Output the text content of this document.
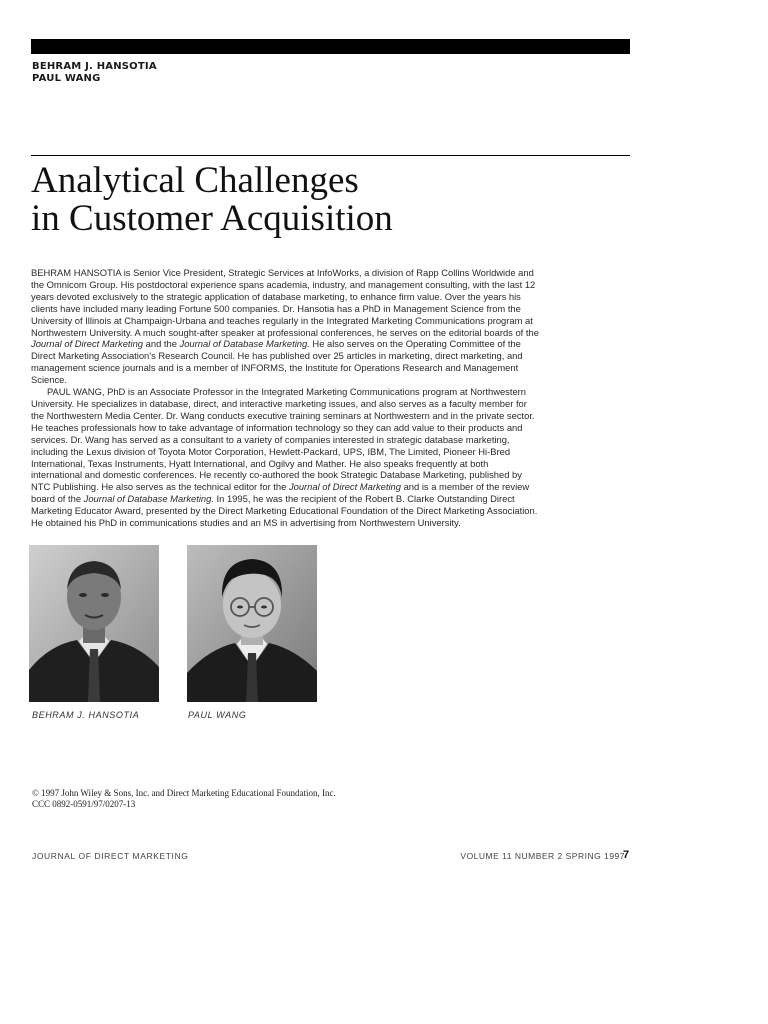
BEHRAM J. HANSOTIA
PAUL WANG
Analytical Challenges
in Customer Acquisition

BEHRAM HANSOTIA is Senior Vice President, Strategic Services at InfoWorks, a division of Rapp Collins Worldwide and the Omnicom Group. His postdoctoral experience spans academia, industry, and management consulting, with the last 12 years devoted exclusively to the strategic application of database marketing, to enhance firm value. Over the years his clients have included many leading Fortune 500 companies. Dr. Hansotia has a PhD in Management Science from the University of Illinois at Champaign-Urbana and teaches regularly in the Integrated Marketing Communications program at Northwestern University. A much sought-after speaker at professional conferences, he serves on the editorial boards of the Journal of Direct Marketing and the Journal of Database Marketing. He also serves on the Operating Committee of the Direct Marketing Association's Research Council. He has published over 25 articles in marketing, direct marketing, and management science journals and is a member of INFORMS, the Institute for Operations Research and Management Science.

PAUL WANG, PhD is an Associate Professor in the Integrated Marketing Communications program at Northwestern University. He specializes in database, direct, and interactive marketing issues, and also serves as a faculty member for the Northwestern Media Center. Dr. Wang conducts executive training seminars at Northwestern and in the private sector. He teaches professionals how to take advantage of information technology so they can add value to their products and services. Dr. Wang has served as a consultant to a variety of companies interested in strategic database marketing, including the Lexus division of Toyota Motor Corporation, Hewlett-Packard, UPS, IBM, The Limited, Pioneer Hi-Bred International, Texas Instruments, Hyatt International, and Ogilvy and Mather. He also speaks frequently at both international and domestic conferences. He recently co-authored the book Strategic Database Marketing, published by NTC Publishing. He also serves as the technical editor for the Journal of Direct Marketing and is a member of the review board of the Journal of Database Marketing. In 1995, he was the recipient of the Robert B. Clarke Outstanding Direct Marketing Educator Award, presented by the Direct Marketing Educational Foundation of the Direct Marketing Association. He obtained his PhD in communications studies and an MS in advertising from Northwestern University.

BEHRAM J. HANSOTIA	PAUL WANG
© 1997 John Wiley & Sons, Inc. and Direct Marketing Educational Foundation, Inc.
CCC 0892-0591/97/0207-13
JOURNAL OF DIRECT MARKETING	VOLUME 11 NUMBER 2 SPRING 1997
7
